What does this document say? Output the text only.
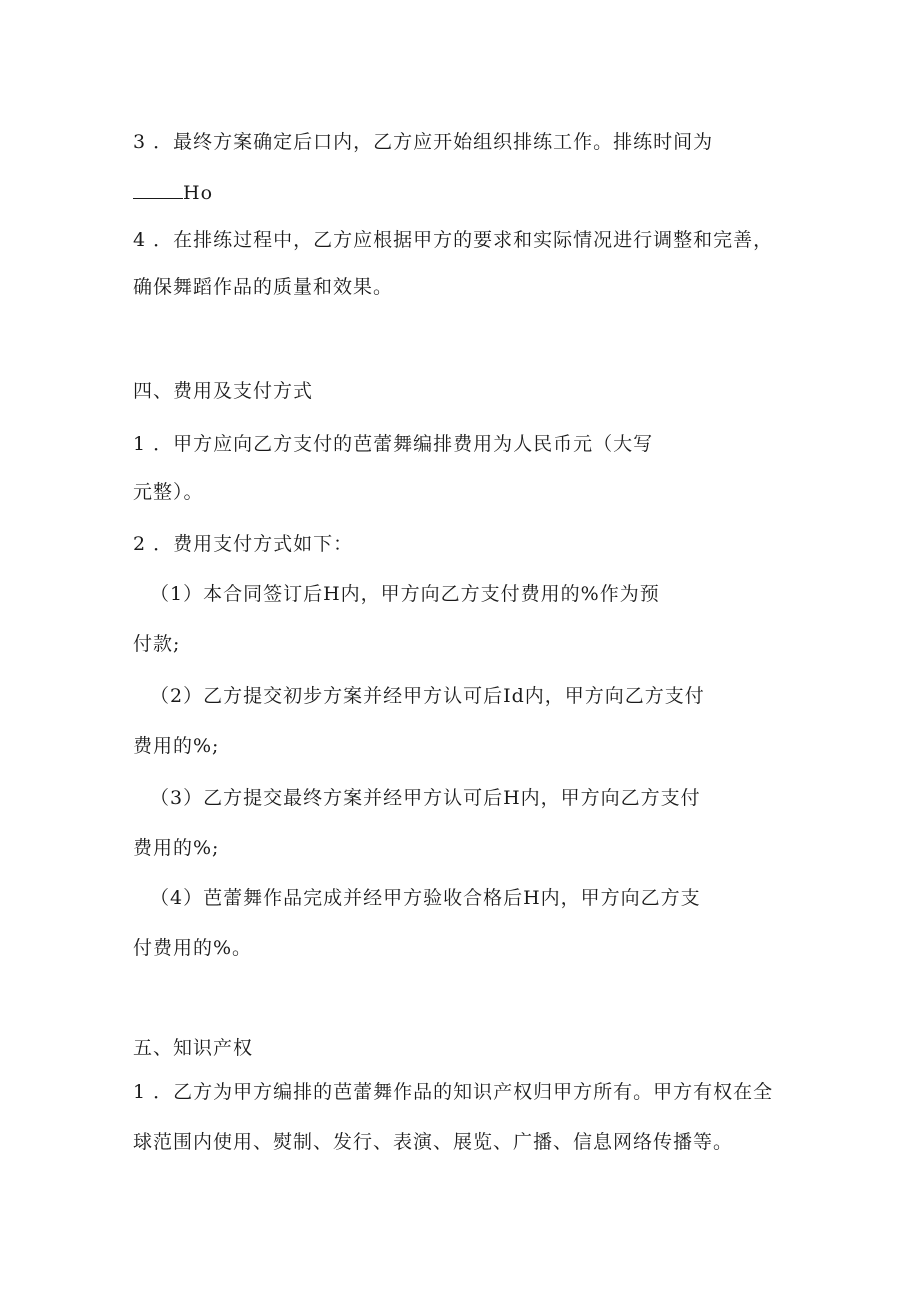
3 ．最终方案确定后口内，乙方应开始组织排练工作。排练时间为
Ho
4 ．在排练过程中，乙方应根据甲方的要求和实际情况进行调整和完善，
确保舞蹈作品的质量和效果。
四、费用及支付方式
1 ．甲方应向乙方支付的芭蕾舞编排费用为人民币元（大写
元整）。
2 ．费用支付方式如下：
（1）本合同签订后H内，甲方向乙方支付费用的%作为预
付款;
（2）乙方提交初步方案并经甲方认可后Id内，甲方向乙方支付
费用的%;
（3）乙方提交最终方案并经甲方认可后H内，甲方向乙方支付
费用的%;
（4）芭蕾舞作品完成并经甲方验收合格后H内，甲方向乙方支
付费用的%。
五、知识产权
1 ．乙方为甲方编排的芭蕾舞作品的知识产权归甲方所有。甲方有权在全
球范围内使用、熨制、发行、表演、展览、广播、信息网络传播等。
